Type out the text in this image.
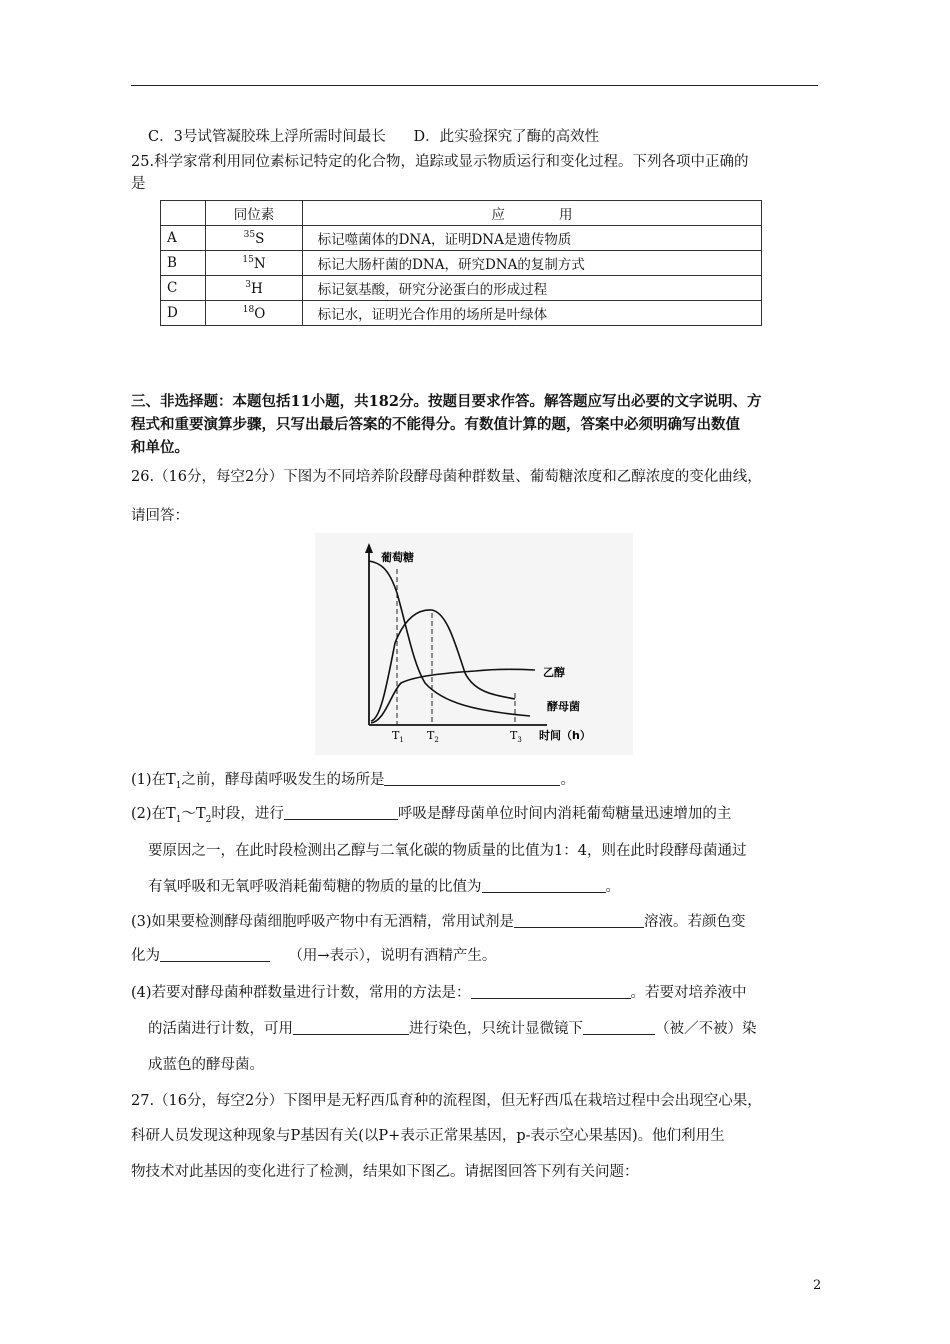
C．3号试管凝胶珠上浮所需时间最长 D．此实验探究了酶的高效性
25.科学家常利用同位素标记特定的化合物，追踪或显示物质运行和变化过程。下列各项中正确的
是
	同位素	应　　　　用
A	$^{35}$S	标记噬菌体的DNA，证明DNA是遗传物质
B	$^{15}$N	标记大肠杆菌的DNA，研究DNA的复制方式
C	$^3$H	标记氨基酸，研究分泌蛋白的形成过程
D	$^{18}$O	标记水，证明光合作用的场所是叶绿体
三、非选择题：本题包括11小题，共182分。按题目要求作答。解答题应写出必要的文字说明、方
程式和重要演算步骤，只写出最后答案的不能得分。有数值计算的题，答案中必须明确写出数值
和单位。
26.（16分，每空2分）下图为不同培养阶段酵母菌种群数量、葡萄糖浓度和乙醇浓度的变化曲线，
请回答：
葡萄糖
乙醇
酵母菌
$T_1$ $T_2$	$T_3$ 时间（h）
(1)在$T_1$之前，酵母菌呼吸发生的场所是	。
(2)在$T_1\sim T_2$时段，进行	呼吸是酵母菌单位时间内消耗葡萄糖量迅速增加的主
要原因之一，在此时段检测出乙醇与二氧化碳的物质量的比值为1：4，则在此时段酵母菌通过
有氧呼吸和无氧呼吸消耗葡萄糖的物质的量的比值为	。
(3)如果要检测酵母菌细胞呼吸产物中有无酒精，常用试剂是	溶液。若颜色变
化为	（用→表示），说明有酒精产生。
(4)若要对酵母菌种群数量进行计数，常用的方法是：	。若要对培养液中
的活菌进行计数，可用	进行染色，只统计显微镜下	（被／不被）染
成蓝色的酵母菌。
27.（16分，每空2分）下图甲是无籽西瓜育种的流程图，但无籽西瓜在栽培过程中会出现空心果，
科研人员发现这种现象与P基因有关(以P+表示正常果基因，p-表示空心果基因)。他们利用生
物技术对此基因的变化进行了检测，结果如下图乙。请据图回答下列有关问题：
2
